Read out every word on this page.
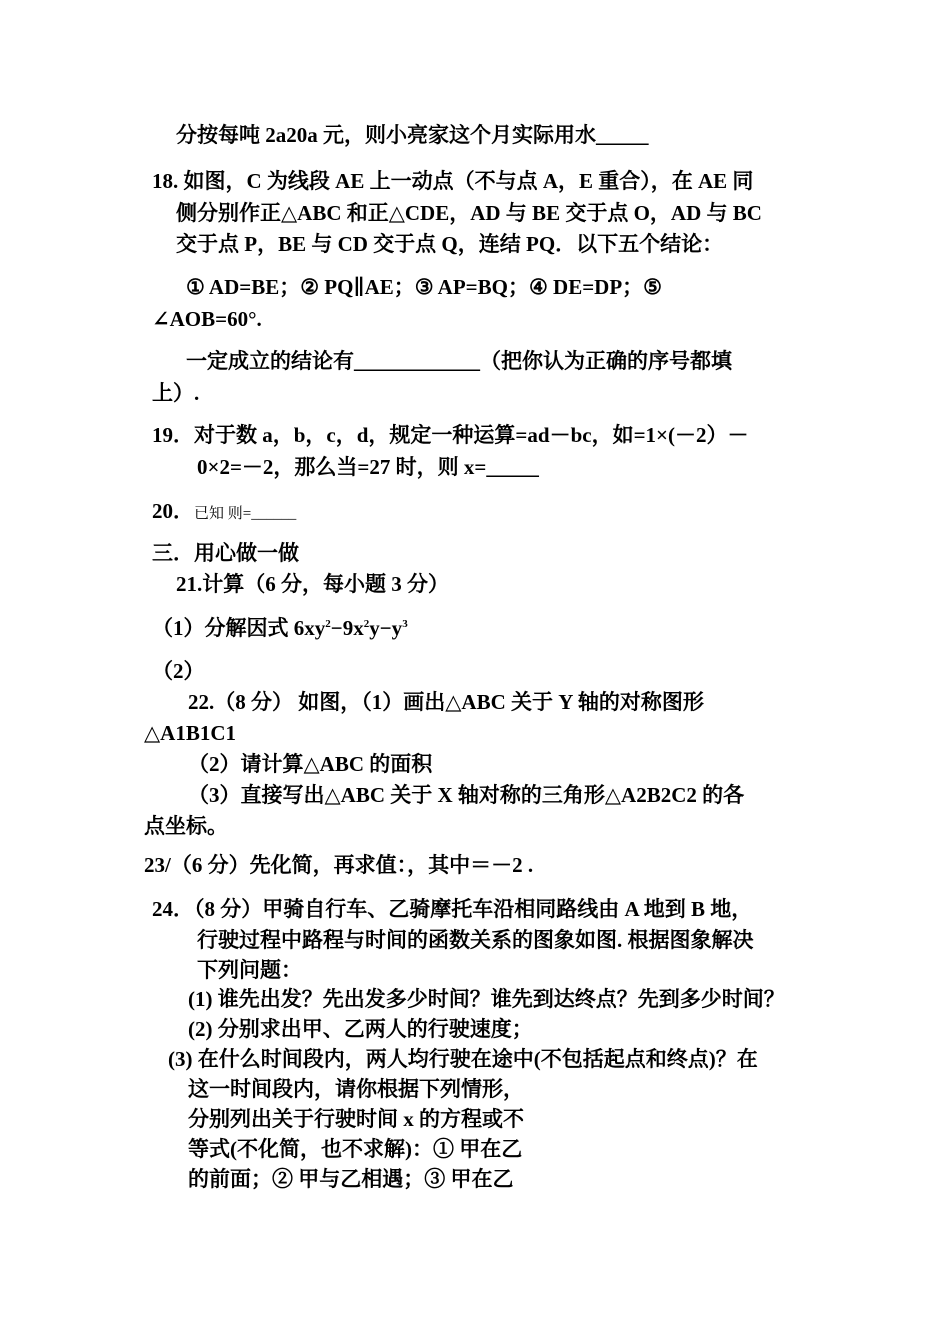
分按每吨 2a20a 元，则小亮家这个月实际用水_____
18. 如图，C 为线段 AE 上一动点（不与点 A，E 重合），在 AE 同
侧分别作正△ABC 和正△CDE，AD 与 BE 交于点 O，AD 与 BC
交于点 P，BE 与 CD 交于点 Q，连结 PQ．以下五个结论：
① AD=BE；② PQ∥AE；③ AP=BQ；④ DE=DP；⑤
∠AOB=60°.
一定成立的结论有____________（把你认为正确的序号都填
上）.
19．对于数 a，b，c，d，规定一种运算=ad－bc，如=1×(－2）－
0×2=－2，那么当=27 时，则 x=_____
20．已知 则=______
三．用心做一做
21.计算（6 分，每小题 3 分）
（1）分解因式 $6xy^2-9x^2y-y^3$
（2）
22.（8 分） 如图，（1）画出△ABC 关于 Y 轴的对称图形
△A1B1C1
（2）请计算△ABC 的面积
（3）直接写出△ABC 关于 X 轴对称的三角形△A2B2C2 的各
点坐标。
23/（6 分）先化简，再求值：，其中＝－2 .
24．（8 分）甲骑自行车、乙骑摩托车沿相同路线由 A 地到 B 地，
行驶过程中路程与时间的函数关系的图象如图. 根据图象解决
下列问题：
(1) 谁先出发？先出发多少时间？谁先到达终点？先到多少时间？
(2) 分别求出甲、乙两人的行驶速度；
(3) 在什么时间段内，两人均行驶在途中(不包括起点和终点)？在
这一时间段内，请你根据下列情形，
分别列出关于行驶时间 x 的方程或不
等式(不化简，也不求解)：① 甲在乙
的前面；② 甲与乙相遇；③ 甲在乙
